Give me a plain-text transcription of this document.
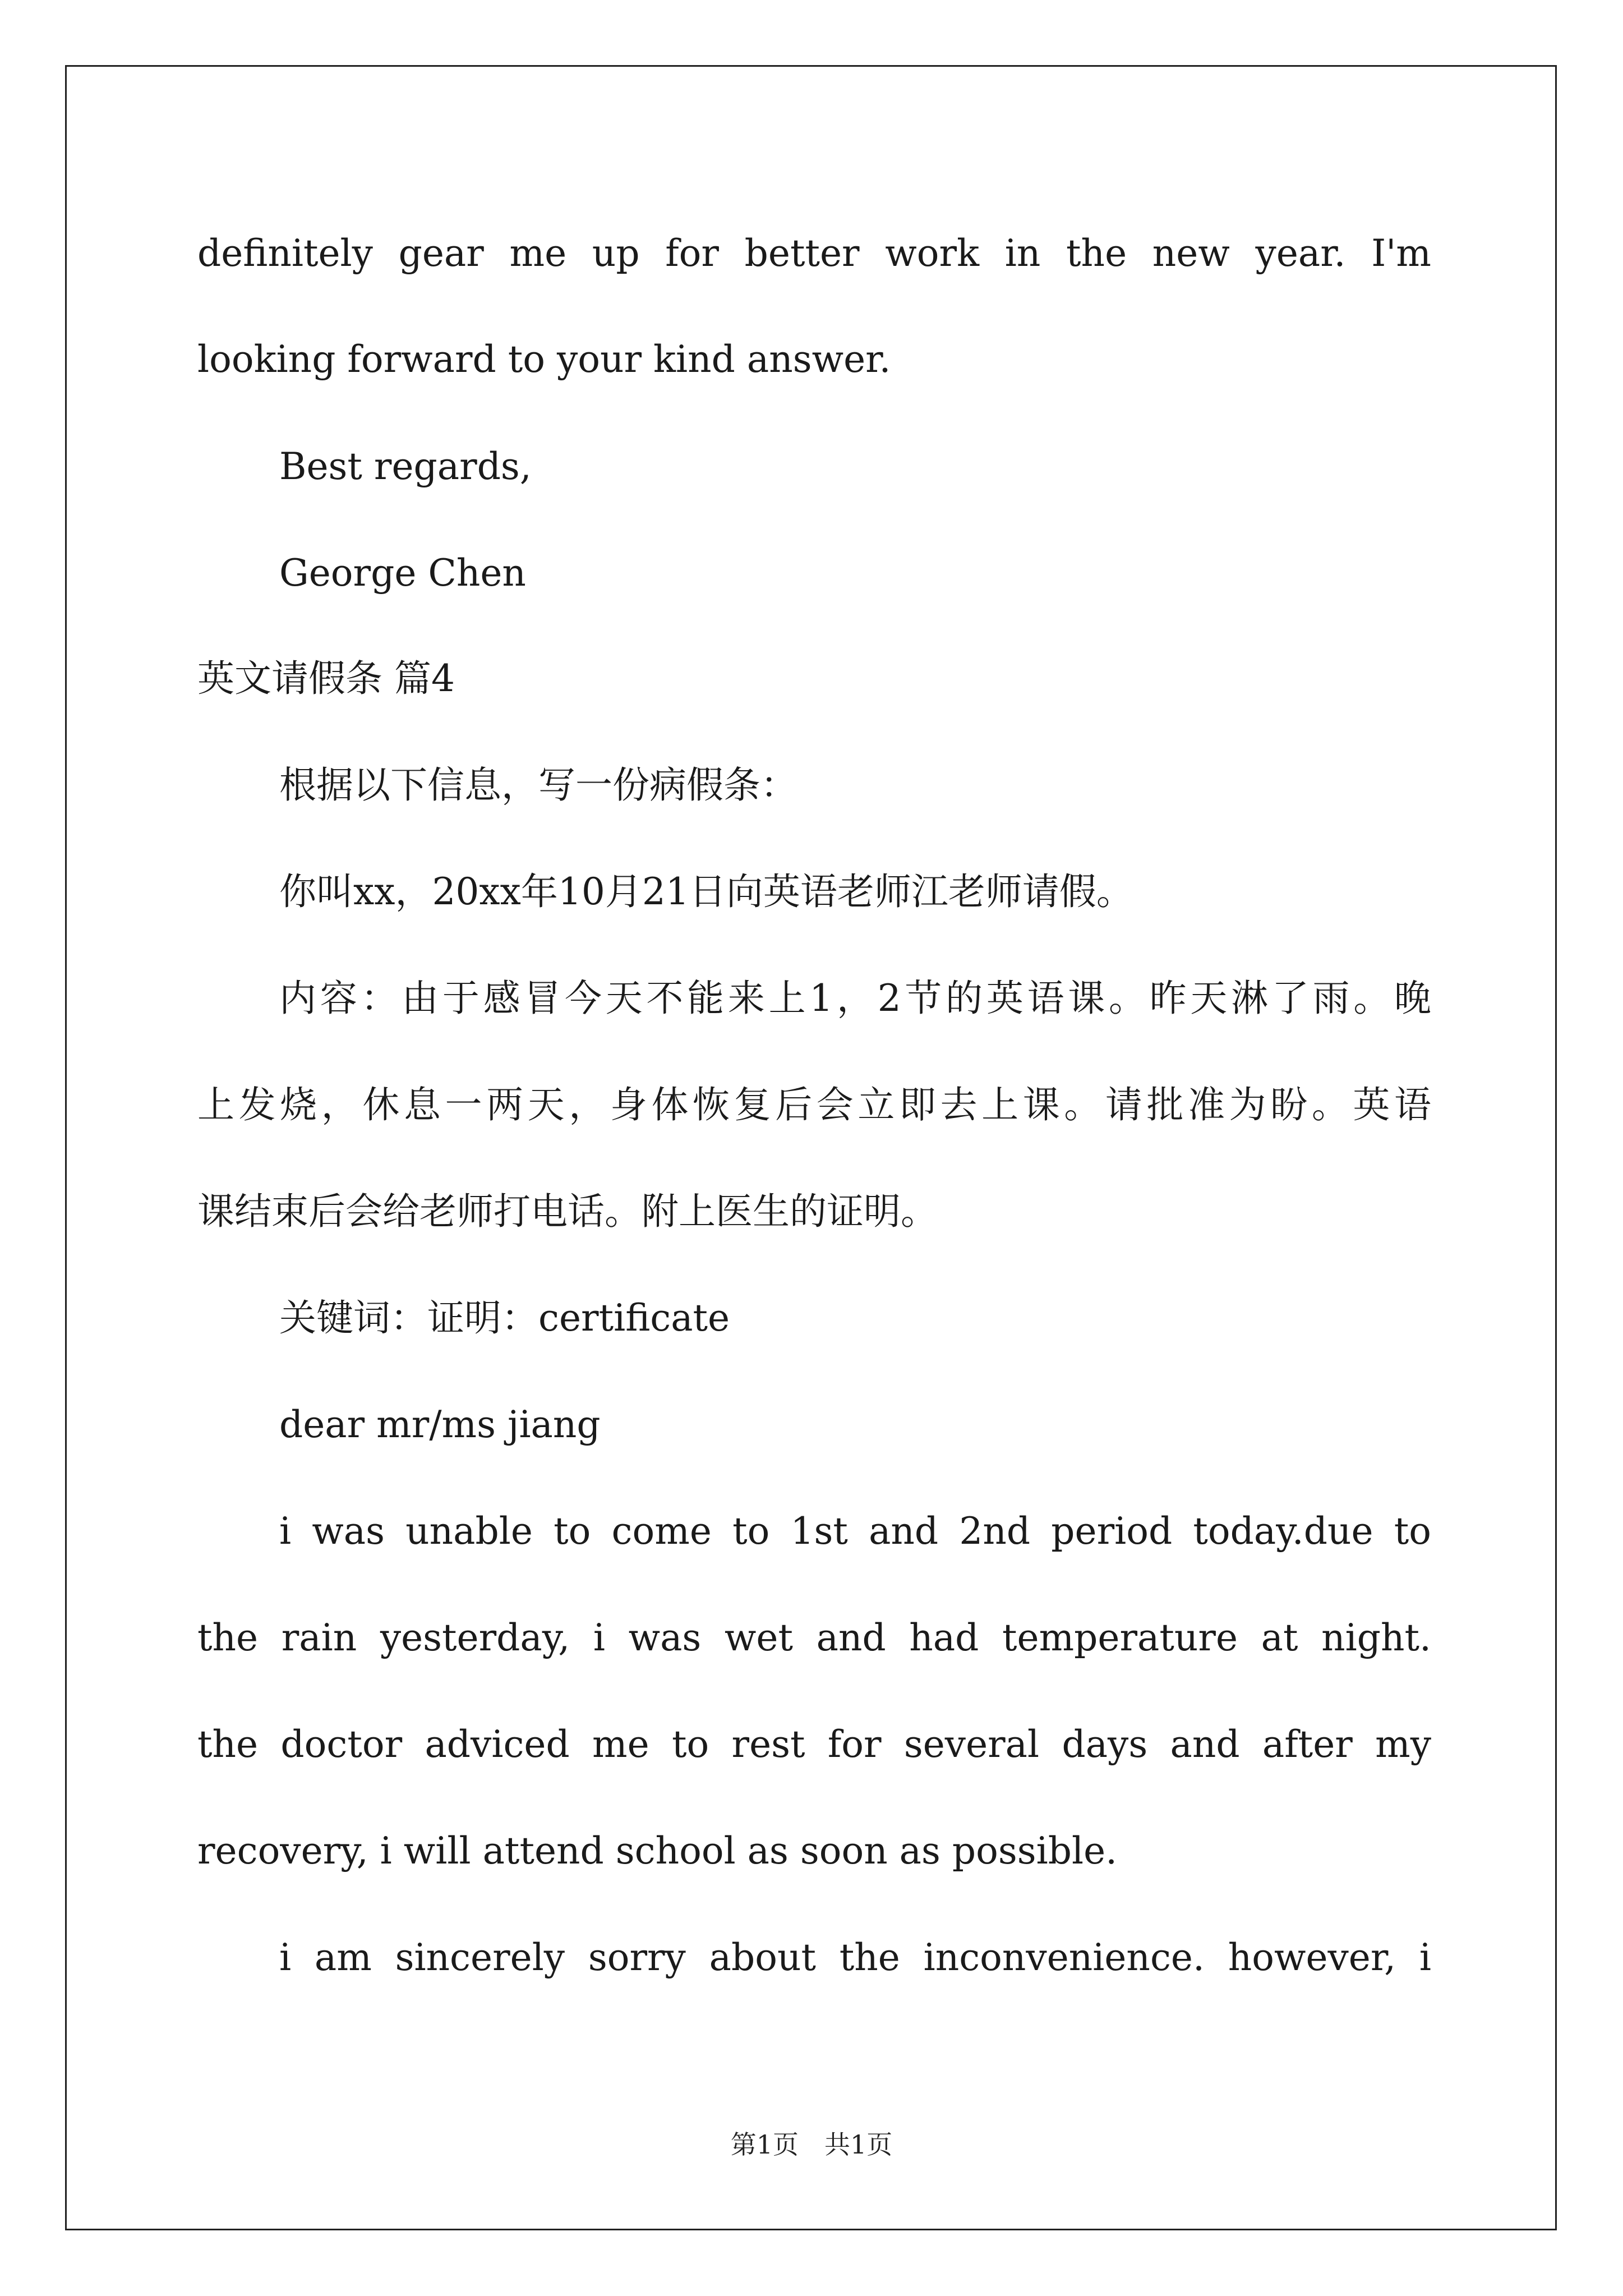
definitely gear me up for better work in the new year. I'm
looking forward to your kind answer.
Best regards,
George Chen
英文请假条 篇4
根据以下信息，写一份病假条：
你叫xx，20xx年10月21日向英语老师江老师请假。
内容：由于感冒今天不能来上1，2节的英语课。昨天淋了雨。晚
上发烧，休息一两天，身体恢复后会立即去上课。请批准为盼。英语
课结束后会给老师打电话。附上医生的证明。
关键词：证明：certificate
dear mr/ms jiang
i was unable to come to 1st and 2nd period today.due to
the rain yesterday, i was wet and had temperature at night.
the doctor adviced me to rest for several days and after my
recovery, i will attend school as soon as possible.
i am sincerely sorry about the inconvenience. however, i
第1页　共1页
